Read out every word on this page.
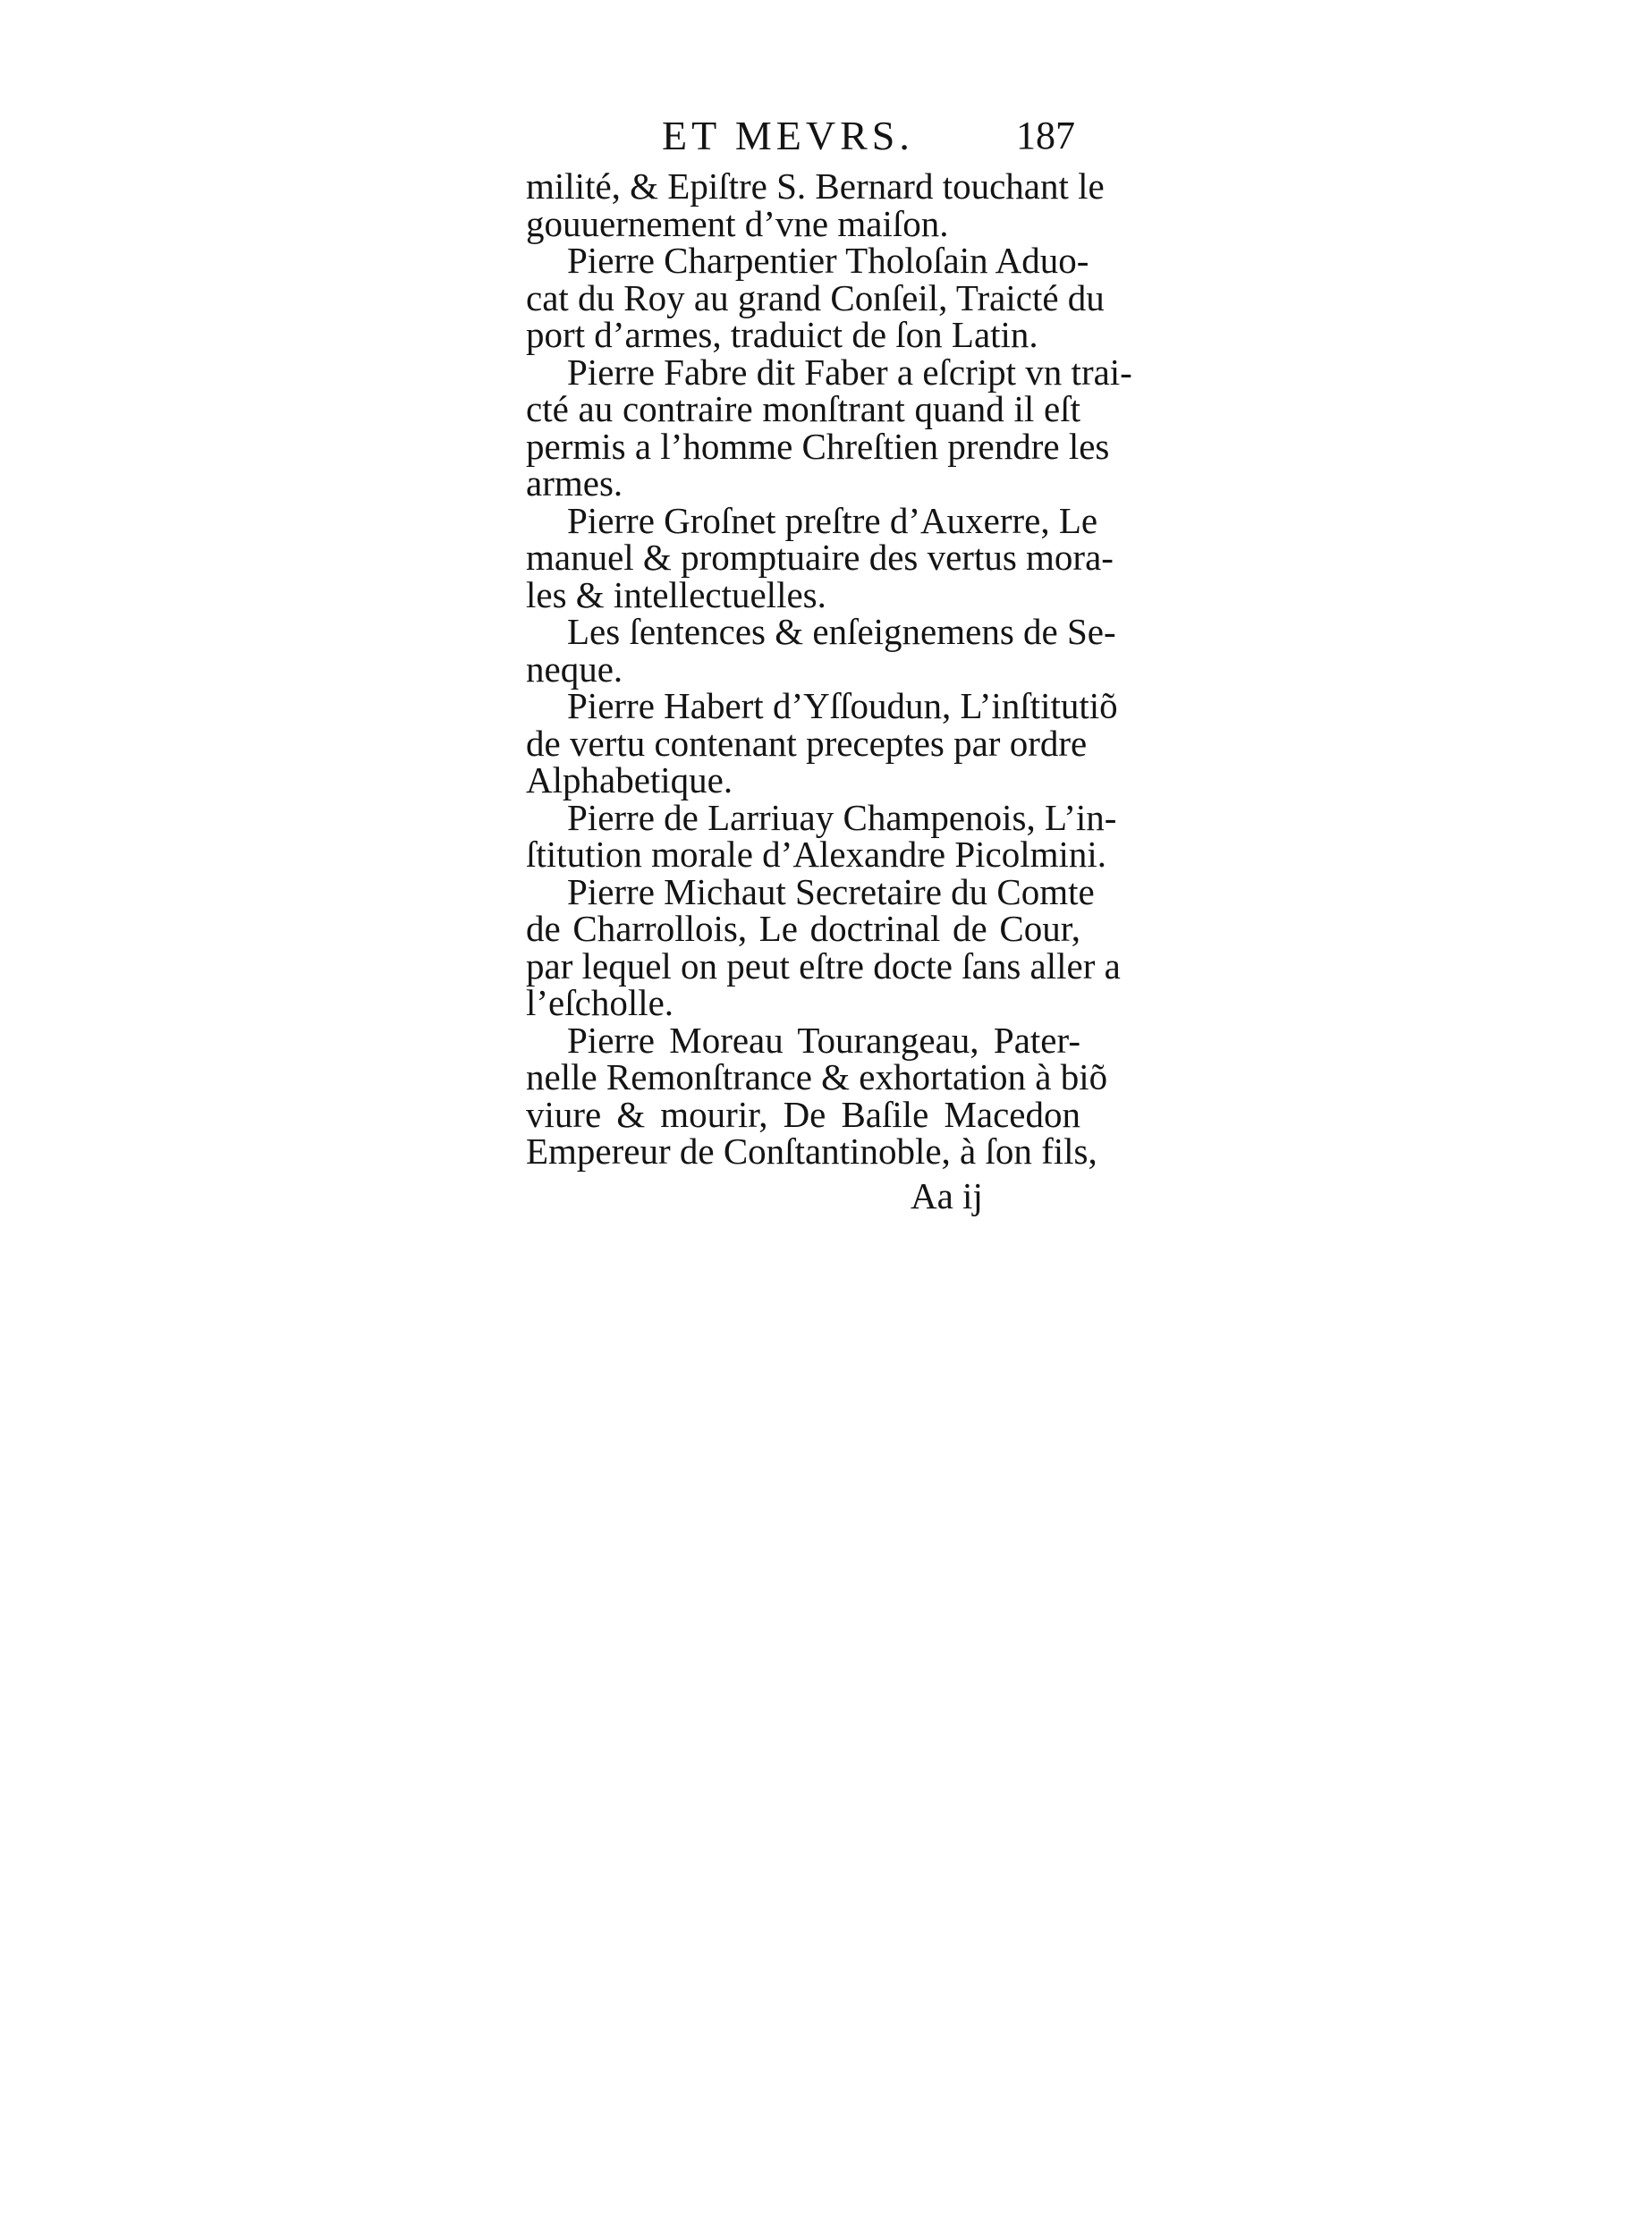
ET MEVRS.	187
milité, & Epiſtre S. Bernard touchant le
gouuernement d’vne maiſon.
Pierre Charpentier Tholoſain Aduo-
cat du Roy au grand Conſeil, Traicté du
port d’armes, traduict de ſon Latin.
Pierre Fabre dit Faber a eſcript vn trai-
cté au contraire monſtrant quand il eſt
permis a l’homme Chreſtien prendre les
armes.
Pierre Groſnet preſtre d’Auxerre, Le
manuel & promptuaire des vertus mora-
les & intellectuelles.
Les ſentences & enſeignemens de Se-
neque.
Pierre Habert d’Yſſoudun, L’inſtitutiõ
de vertu contenant preceptes par ordre
Alphabetique.
Pierre de Larriuay Champenois, L’in-
ſtitution morale d’Alexandre Picolmini.
Pierre Michaut Secretaire du Comte
de Charrollois, Le doctrinal de Cour,
par lequel on peut eſtre docte ſans aller a
l’eſcholle.
Pierre Moreau Tourangeau, Pater-
nelle Remonſtrance & exhortation à biõ
viure & mourir, De Baſile Macedon
Empereur de Conſtantinoble, à ſon fils,
Aa ij
